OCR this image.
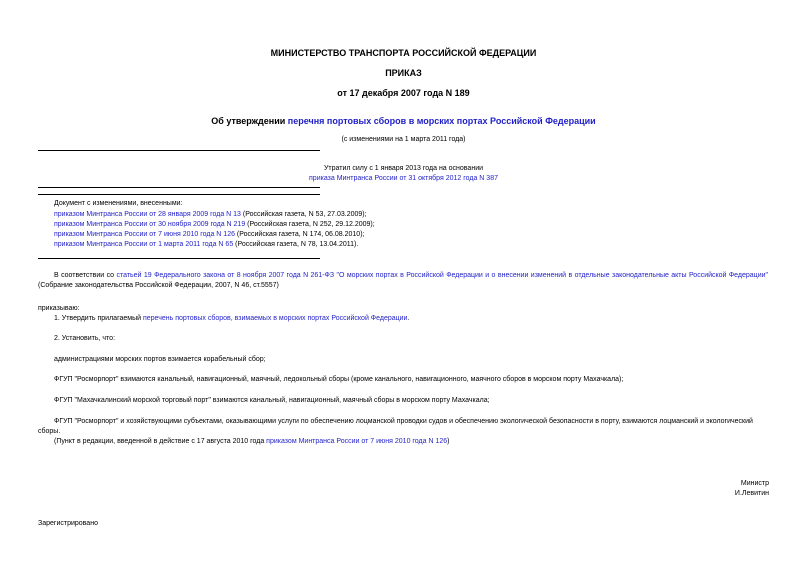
МИНИСТЕРСТВО ТРАНСПОРТА РОССИЙСКОЙ ФЕДЕРАЦИИ
ПРИКАЗ
от 17 декабря 2007 года N 189
Об утверждении перечня портовых сборов в морских портах Российской Федерации
(с изменениями на 1 марта 2011 года)
Утратил силу с 1 января 2013 года на основании
приказа Минтранса России от 31 октября 2012 года N 387
Документ с изменениями, внесенными:
приказом Минтранса России от 28 января 2009 года N 13 (Российская газета, N 53, 27.03.2009);
приказом Минтранса России от 30 ноября 2009 года N 219 (Российская газета, N 252, 29.12.2009);
приказом Минтранса России от 7 июня 2010 года N 126 (Российская газета, N 174, 06.08.2010);
приказом Минтранса России от 1 марта 2011 года N 65 (Российская газета, N 78, 13.04.2011).
В соответствии со статьей 19 Федерального закона от 8 ноября 2007 года N 261-ФЗ "О морских портах в Российской Федерации и о внесении изменений в отдельные законодательные акты Российской Федерации" (Собрание законодательства Российской Федерации, 2007, N 46, ст.5557)
приказываю:
1. Утвердить прилагаемый перечень портовых сборов, взимаемых в морских портах Российской Федерации.
2. Установить, что:
администрациями морских портов взимается корабельный сбор;
ФГУП "Росморпорт" взимаются канальный, навигационный, маячный, ледокольный сборы (кроме канального, навигационного, маячного сборов в морском порту Махачкала);
ФГУП "Махачкалинский морской торговый порт" взимаются канальный, навигационный, маячный сборы в морском порту Махачкала;
ФГУП "Росморпорт" и хозяйствующими субъектами, оказывающими услуги по обеспечению лоцманской проводки судов и обеспечению экологической безопасности в порту, взимаются лоцманский и экологический сборы.
(Пункт в редакции, введенной в действие с 17 августа 2010 года приказом Минтранса России от 7 июня 2010 года N 126)
Министр
И.Левитин
Зарегистрировано
